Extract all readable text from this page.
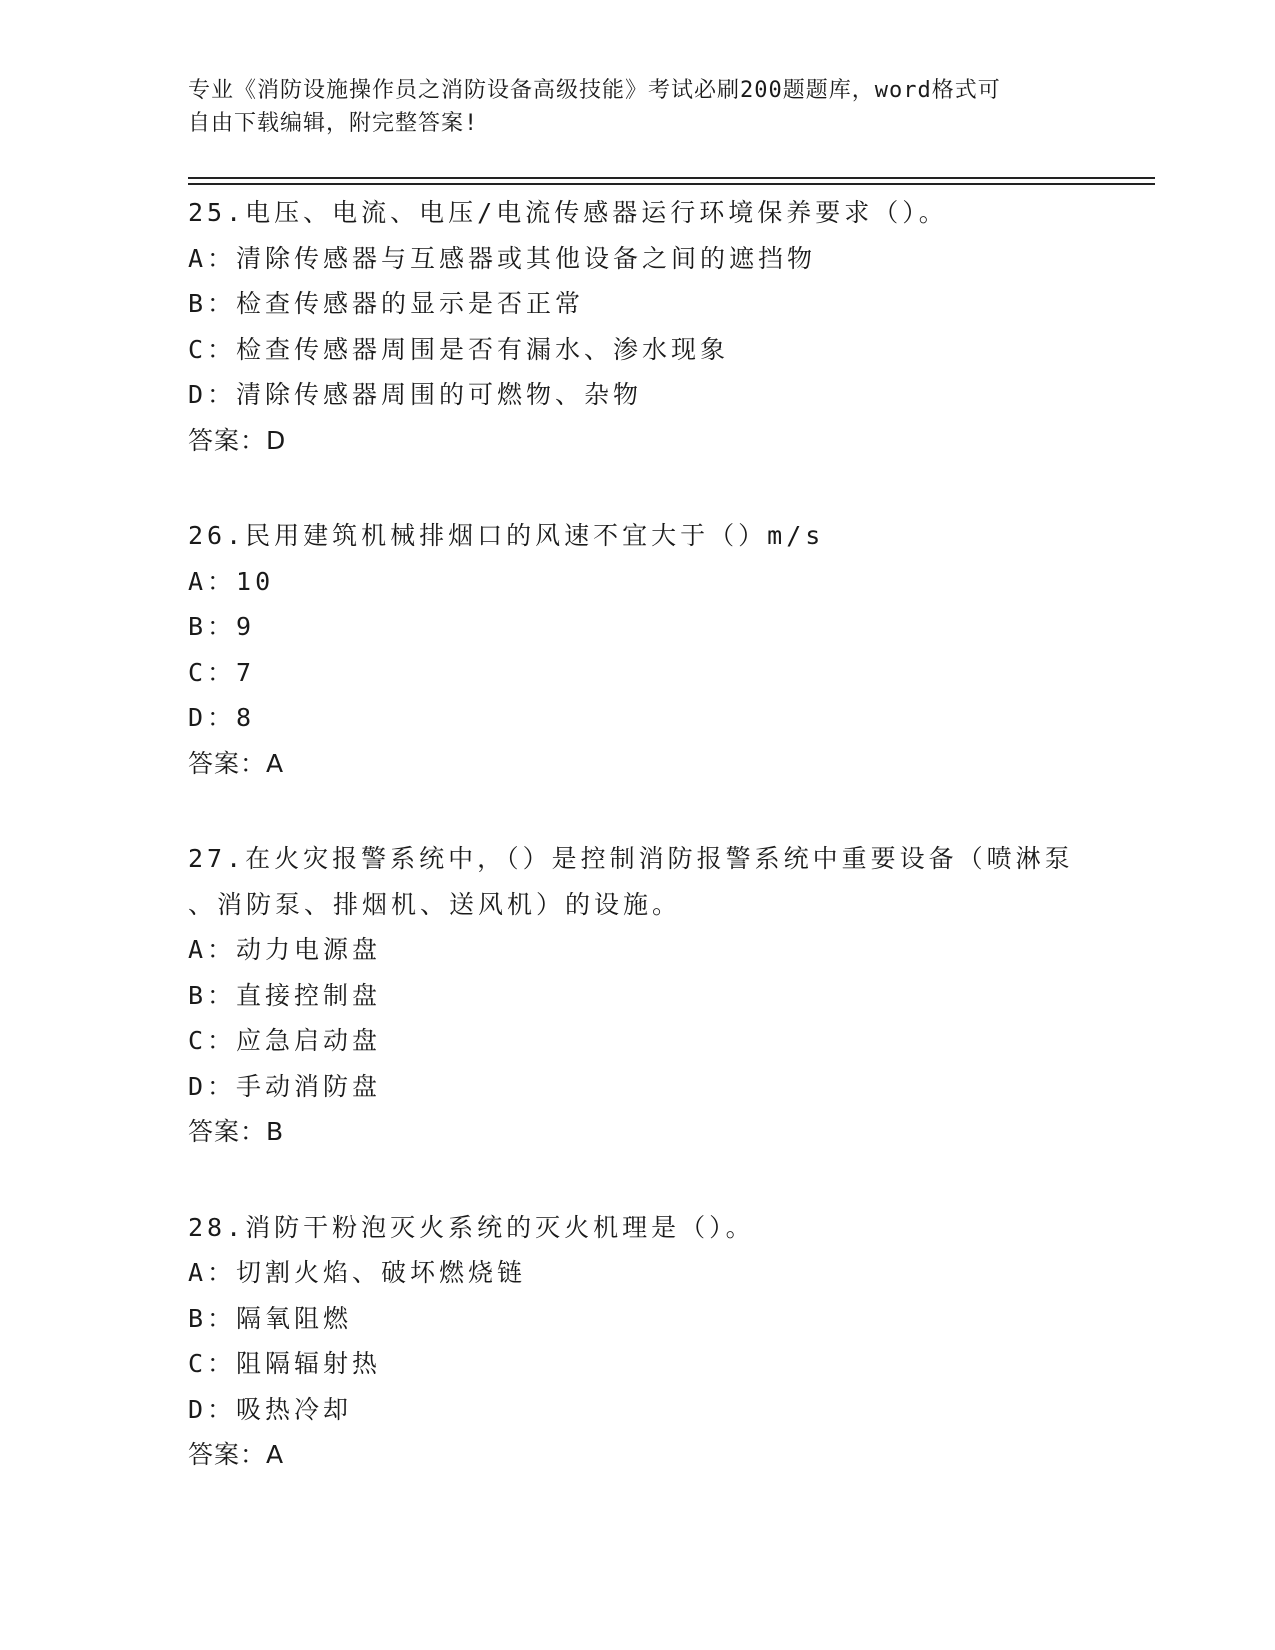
专业《消防设施操作员之消防设备高级技能》考试必刷200题题库，word格式可
自由下载编辑，附完整答案!

25.电压、电流、电压/电流传感器运行环境保养要求（）。

A：清除传感器与互感器或其他设备之间的遮挡物

B：检查传感器的显示是否正常

C：检查传感器周围是否有漏水、渗水现象

D：清除传感器周围的可燃物、杂物

答案：D

26.民用建筑机械排烟口的风速不宜大于（）m/s

A：10

B：9

C：7

D：8

答案：A

27.在火灾报警系统中，（）是控制消防报警系统中重要设备（喷淋泵

、消防泵、排烟机、送风机）的设施。

A：动力电源盘

B：直接控制盘

C：应急启动盘

D：手动消防盘

答案：B

28.消防干粉泡灭火系统的灭火机理是（）。

A：切割火焰、破坏燃烧链

B：隔氧阻燃

C：阻隔辐射热

D：吸热冷却

答案：A
